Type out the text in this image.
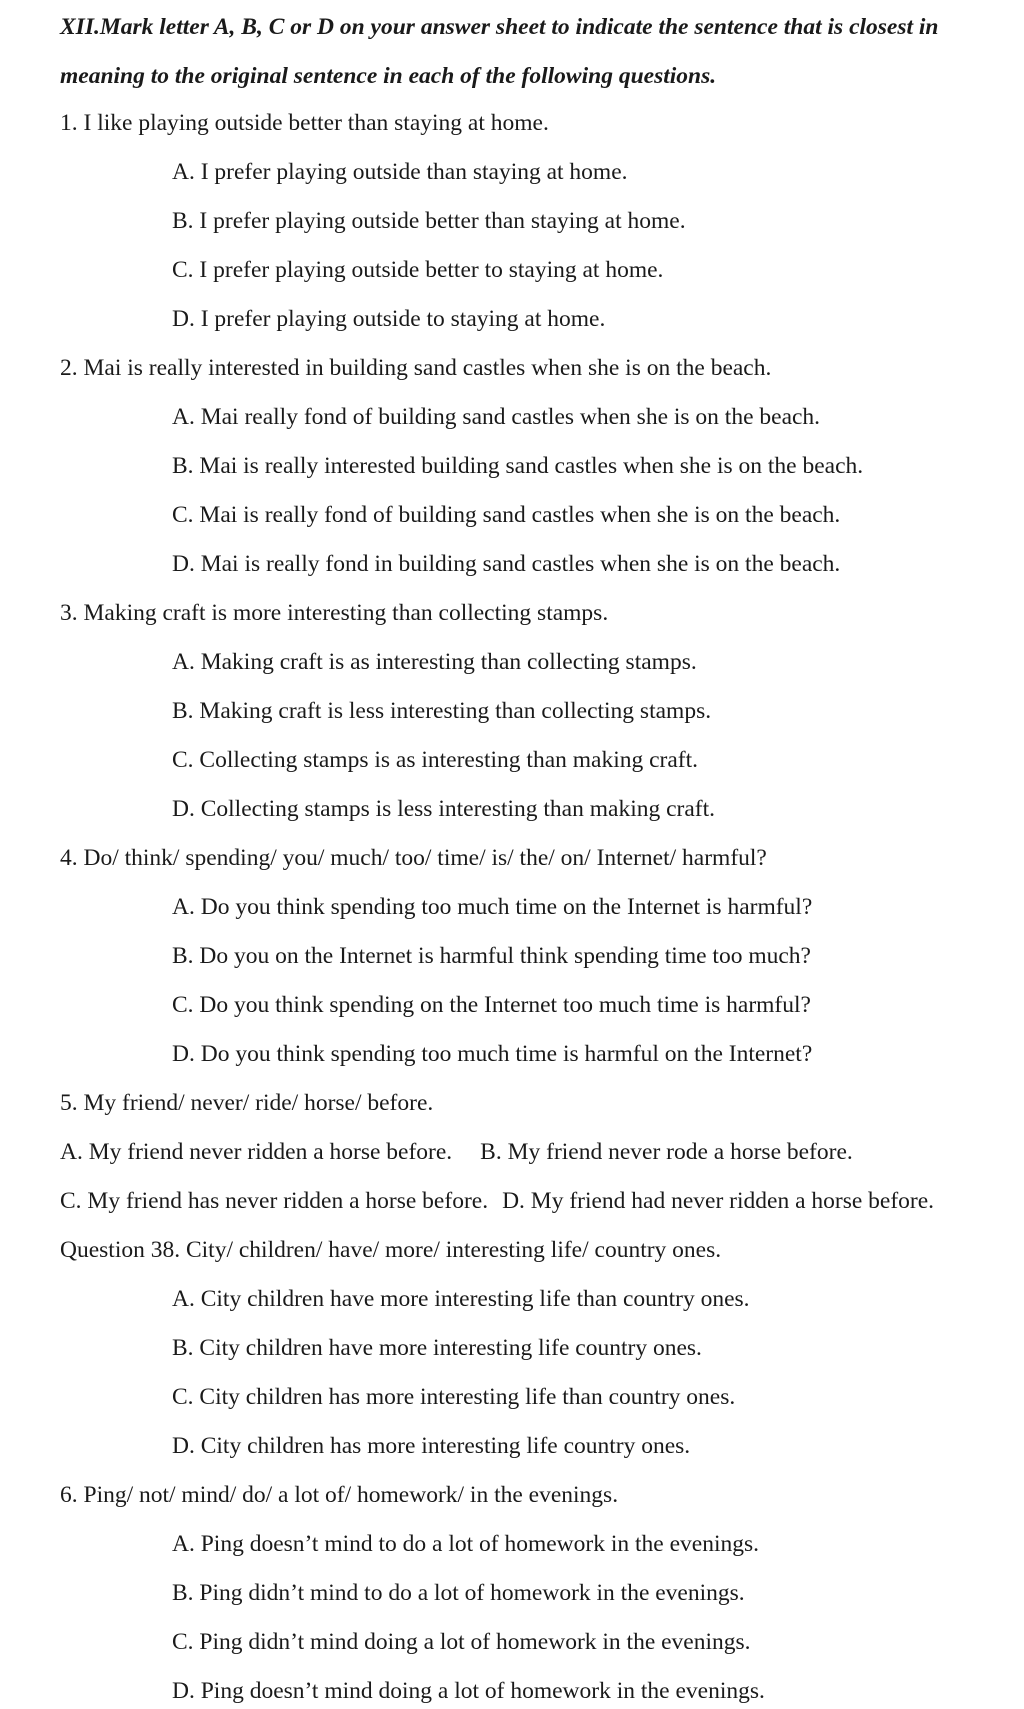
XII.Mark letter A, B, C or D on your answer sheet to indicate the sentence that is closest in
meaning to the original sentence in each of the following questions.
1. I like playing outside better than staying at home.
A. I prefer playing outside than staying at home.
B. I prefer playing outside better than staying at home.
C. I prefer playing outside better to staying at home.
D. I prefer playing outside to staying at home.
2. Mai is really interested in building sand castles when she is on the beach.
A. Mai really fond of building sand castles when she is on the beach.
B. Mai is really interested building sand castles when she is on the beach.
C. Mai is really fond of building sand castles when she is on the beach.
D. Mai is really fond in building sand castles when she is on the beach.
3. Making craft is more interesting than collecting stamps.
A. Making craft is as interesting than collecting stamps.
B. Making craft is less interesting than collecting stamps.
C. Collecting stamps is as interesting than making craft.
D. Collecting stamps is less interesting than making craft.
4. Do/ think/ spending/ you/ much/ too/ time/ is/ the/ on/ Internet/ harmful?
A. Do you think spending too much time on the Internet is harmful?
B. Do you on the Internet is harmful think spending time too much?
C. Do you think spending on the Internet too much time is harmful?
D. Do you think spending too much time is harmful on the Internet?
5. My friend/ never/ ride/ horse/ before.
A. My friend never ridden a horse before. B. My friend never rode a horse before.
C. My friend has never ridden a horse before. D. My friend had never ridden a horse before.
Question 38. City/ children/ have/ more/ interesting life/ country ones.
A. City children have more interesting life than country ones.
B. City children have more interesting life country ones.
C. City children has more interesting life than country ones.
D. City children has more interesting life country ones.
6. Ping/ not/ mind/ do/ a lot of/ homework/ in the evenings.
A. Ping doesn’t mind to do a lot of homework in the evenings.
B. Ping didn’t mind to do a lot of homework in the evenings.
C. Ping didn’t mind doing a lot of homework in the evenings.
D. Ping doesn’t mind doing a lot of homework in the evenings.
